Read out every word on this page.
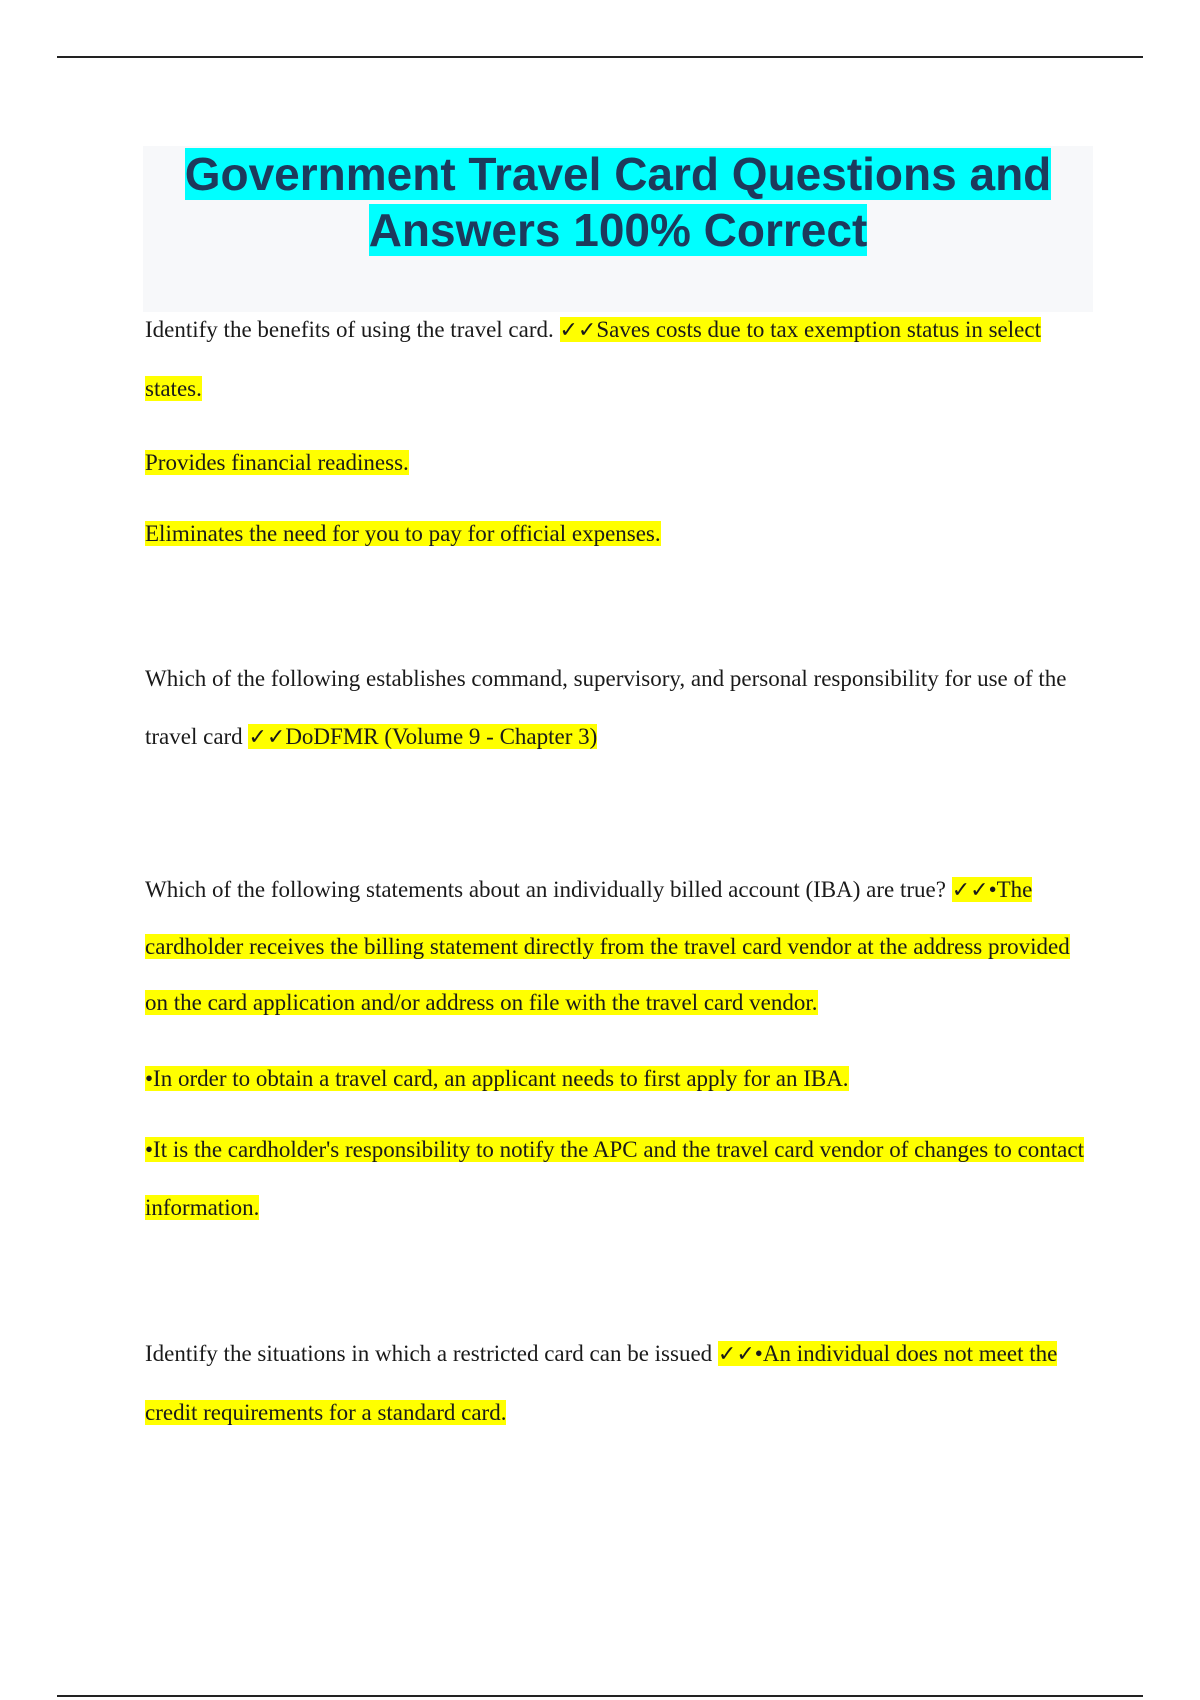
Government Travel Card Questions and
Answers 100% Correct

Identify the benefits of using the travel card. ✓✓Saves costs due to tax exemption status in select states.

Provides financial readiness.

Eliminates the need for you to pay for official expenses.

Which of the following establishes command, supervisory, and personal responsibility for use of the travel card ✓✓DoDFMR (Volume 9 - Chapter 3)

Which of the following statements about an individually billed account (IBA) are true? ✓✓•The cardholder receives the billing statement directly from the travel card vendor at the address provided on the card application and/or address on file with the travel card vendor.

•In order to obtain a travel card, an applicant needs to first apply for an IBA.

•It is the cardholder's responsibility to notify the APC and the travel card vendor of changes to contact information.

Identify the situations in which a restricted card can be issued ✓✓•An individual does not meet the credit requirements for a standard card.
